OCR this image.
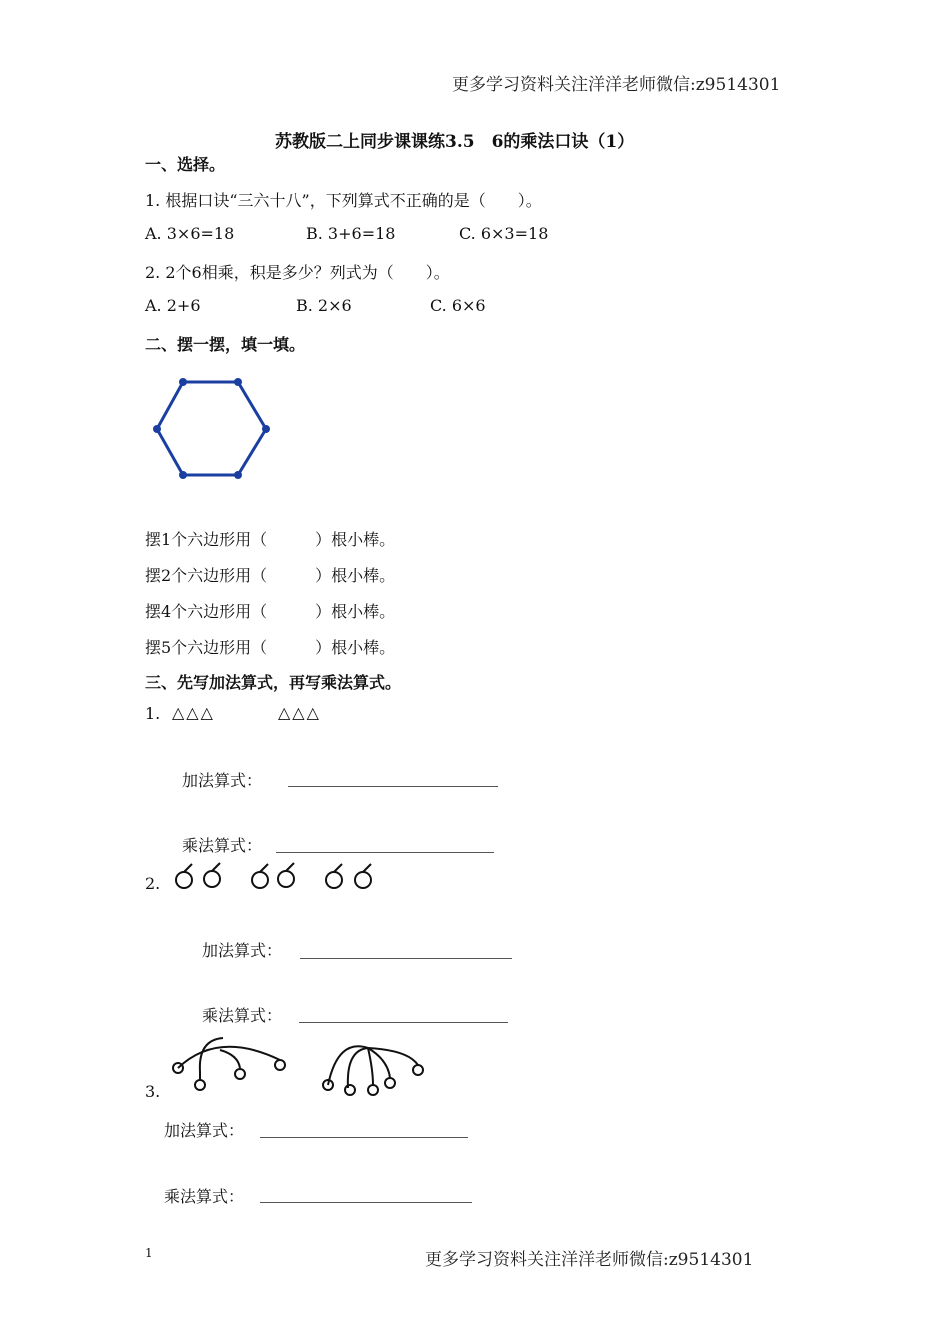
更多学习资料关注洋洋老师微信:z9514301
苏教版二上同步课课练3.5　6的乘法口诀（1）
一、选择。
1. 根据口诀“三六十八”，下列算式不正确的是（　　）。
A. 3×6=18	B. 3+6=18	C. 6×3=18
2. 2个6相乘，积是多少？列式为（　　）。
A. 2+6	B. 2×6	C. 6×6
二、摆一摆，填一填。
摆1个六边形用（　　　）根小棒。
摆2个六边形用（　　　）根小棒。
摆4个六边形用（　　　）根小棒。
摆5个六边形用（　　　）根小棒。
三、先写加法算式，再写乘法算式。
1. △△△	△△△
加法算式：
乘法算式：
2.
加法算式：
乘法算式：
3.
加法算式：
乘法算式：
1	更多学习资料关注洋洋老师微信:z9514301
